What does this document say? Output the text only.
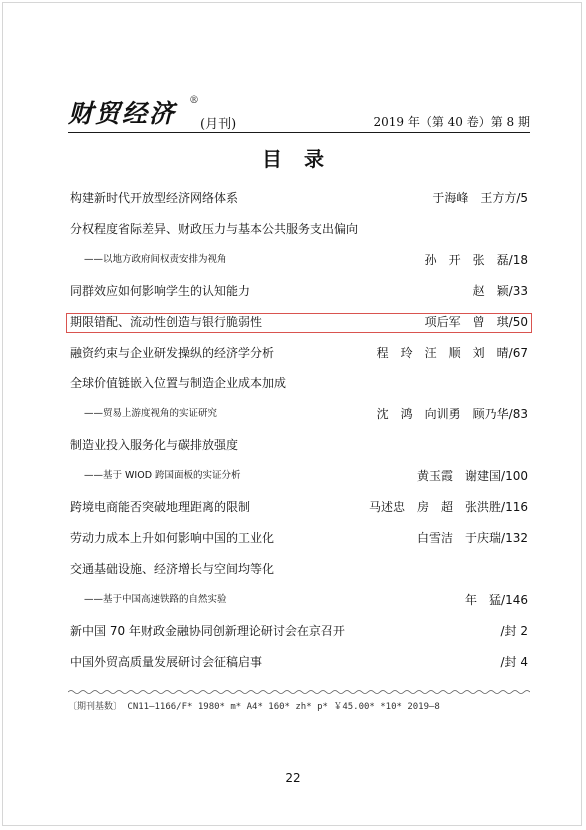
财贸经济 ®
(月刊)	2019 年（第 40 卷）第 8 期
目录
构建新时代开放型经济网络体系	于海峰　王方方/5
分权程度省际差异、财政压力与基本公共服务支出偏向
——以地方政府间权责安排为视角	孙　开　张　磊/18
同群效应如何影响学生的认知能力	赵　颖/33
期限错配、流动性创造与银行脆弱性	项后军　曾　琪/50
融资约束与企业研发操纵的经济学分析	程　玲　汪　顺　刘　晴/67
全球价值链嵌入位置与制造企业成本加成
——贸易上游度视角的实证研究	沈　鸿　向训勇　顾乃华/83
制造业投入服务化与碳排放强度
——基于 WIOD 跨国面板的实证分析	黄玉霞　谢建国/100
跨境电商能否突破地理距离的限制	马述忠　房　超　张洪胜/116
劳动力成本上升如何影响中国的工业化	白雪洁　于庆瑞/132
交通基础设施、经济增长与空间均等化
——基于中国高速铁路的自然实验	年　猛/146
新中国 70 年财政金融协同创新理论研讨会在京召开	/封 2
中国外贸高质量发展研讨会征稿启事	/封 4
〔期刊基数〕 CN11—1166/F* 1980* m* A4* 160* zh* p* ￥45.00* *10* 2019—8
22
